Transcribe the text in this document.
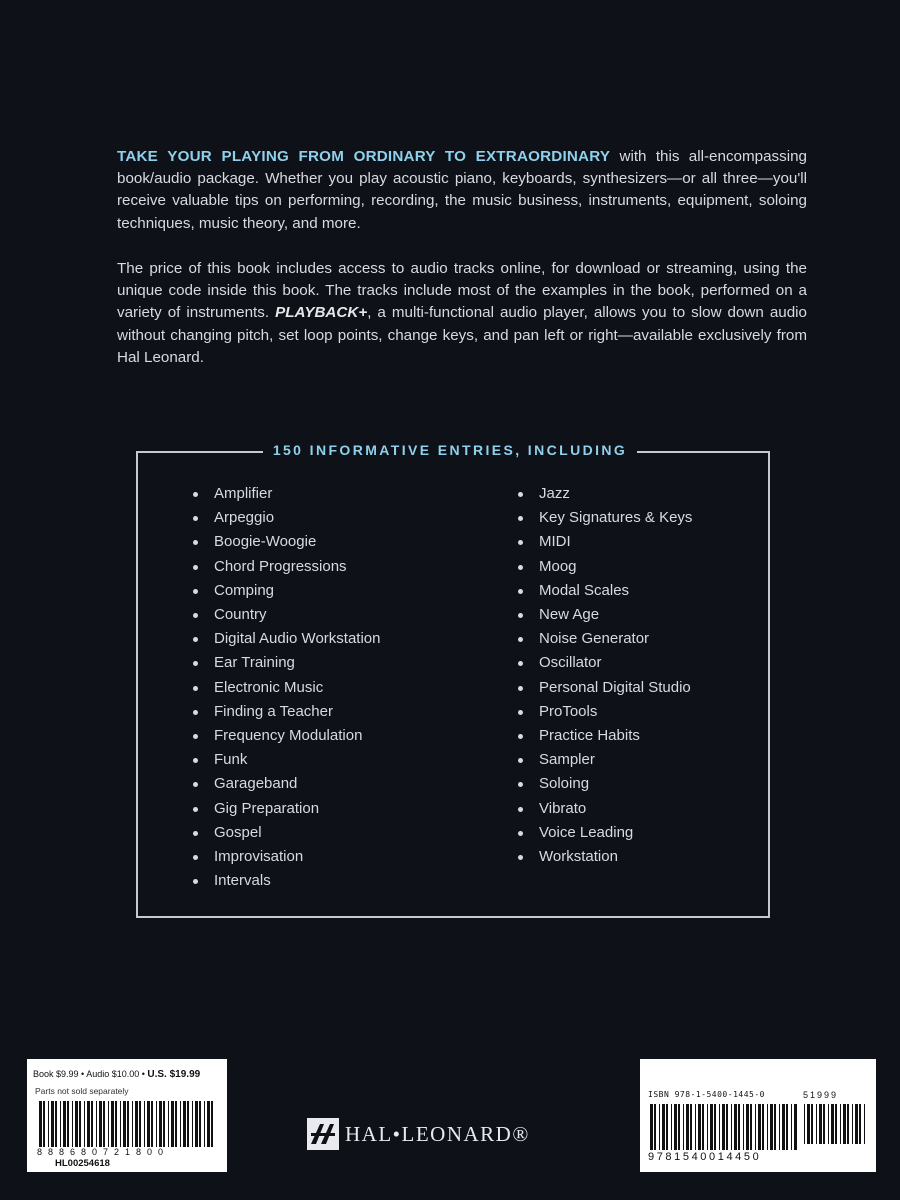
TAKE YOUR PLAYING FROM ORDINARY TO EXTRAORDINARY with this all-encompassing book/audio package. Whether you play acoustic piano, keyboards, synthesizers—or all three—you'll receive valuable tips on performing, recording, the music business, instruments, equipment, soloing techniques, music theory, and more.

The price of this book includes access to audio tracks online, for download or streaming, using the unique code inside this book. The tracks include most of the examples in the book, performed on a variety of instruments. PLAYBACK+, a multi-functional audio player, allows you to slow down audio without changing pitch, set loop points, change keys, and pan left or right—available exclusively from Hal Leonard.

150 INFORMATIVE ENTRIES, INCLUDING
Amplifier
Arpeggio
Boogie-Woogie
Chord Progressions
Comping
Country
Digital Audio Workstation
Ear Training
Electronic Music
Finding a Teacher
Frequency Modulation
Funk
Garageband
Gig Preparation
Gospel
Improvisation
Intervals
Jazz
Key Signatures & Keys
MIDI
Moog
Modal Scales
New Age
Noise Generator
Oscillator
Personal Digital Studio
ProTools
Practice Habits
Sampler
Soloing
Vibrato
Voice Leading
Workstation
Book $9.99 • Audio $10.00 • U.S. $19.99
Parts not sold separately
888680721800
HL00254618
HAL•LEONARD®
ISBN 978-1-5400-1445-0	51999
9781540014450
